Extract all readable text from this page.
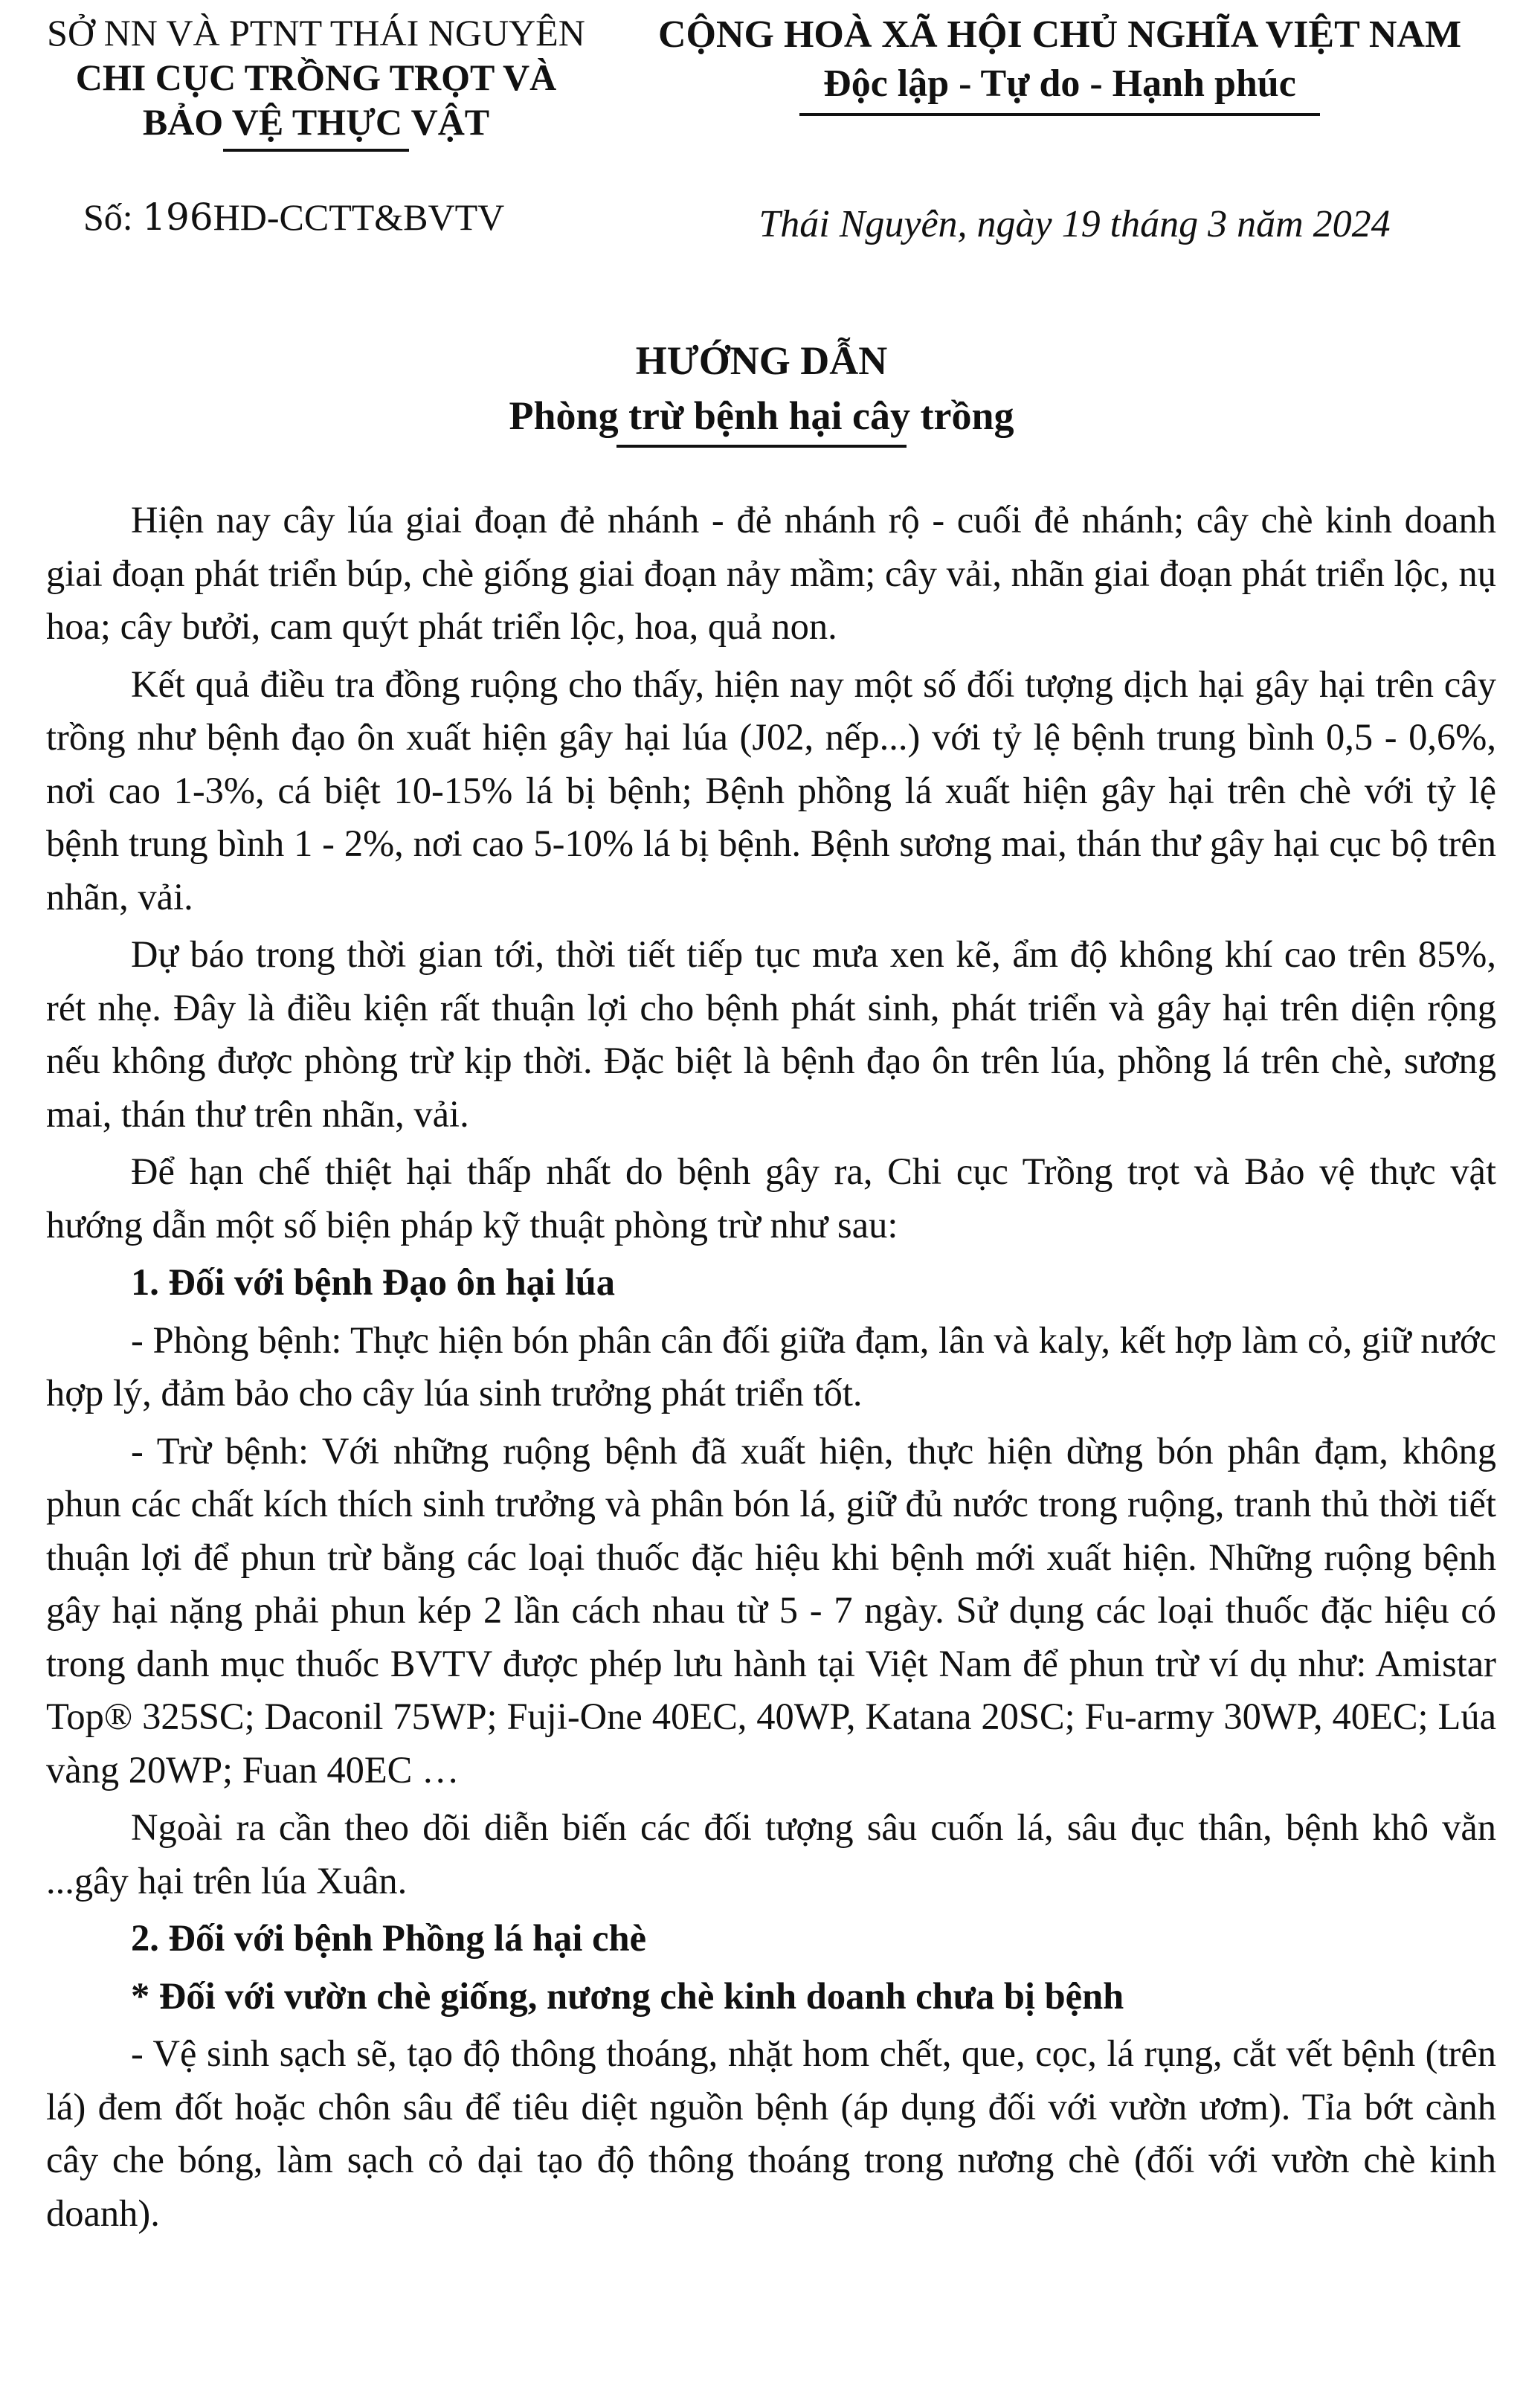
SỞ NN VÀ PTNT THÁI NGUYÊN
CHI CỤC TRỒNG TRỌT VÀ
BẢO VỆ THỰC VẬT
CỘNG HOÀ XÃ HỘI CHỦ NGHĨA VIỆT NAM
Độc lập - Tự do - Hạnh phúc
Số: 196HD-CCTT&BVTV	Thái Nguyên, ngày 19 tháng 3 năm 2024
HƯỚNG DẪN
Phòng trừ bệnh hại cây trồng

Hiện nay cây lúa giai đoạn đẻ nhánh - đẻ nhánh rộ - cuối đẻ nhánh; cây chè kinh doanh giai đoạn phát triển búp, chè giống giai đoạn nảy mầm; cây vải, nhãn giai đoạn phát triển lộc, nụ hoa; cây bưởi, cam quýt phát triển lộc, hoa, quả non.

Kết quả điều tra đồng ruộng cho thấy, hiện nay một số đối tượng dịch hại gây hại trên cây trồng như bệnh đạo ôn xuất hiện gây hại lúa (J02, nếp...) với tỷ lệ bệnh trung bình 0,5 - 0,6%, nơi cao 1-3%, cá biệt 10-15% lá bị bệnh; Bệnh phồng lá xuất hiện gây hại trên chè với tỷ lệ bệnh trung bình 1 - 2%, nơi cao 5-10% lá bị bệnh. Bệnh sương mai, thán thư gây hại cục bộ trên nhãn, vải.

Dự báo trong thời gian tới, thời tiết tiếp tục mưa xen kẽ, ẩm độ không khí cao trên 85%, rét nhẹ. Đây là điều kiện rất thuận lợi cho bệnh phát sinh, phát triển và gây hại trên diện rộng nếu không được phòng trừ kịp thời. Đặc biệt là bệnh đạo ôn trên lúa, phồng lá trên chè, sương mai, thán thư trên nhãn, vải.

Để hạn chế thiệt hại thấp nhất do bệnh gây ra, Chi cục Trồng trọt và Bảo vệ thực vật hướng dẫn một số biện pháp kỹ thuật phòng trừ như sau:

1. Đối với bệnh Đạo ôn hại lúa

- Phòng bệnh: Thực hiện bón phân cân đối giữa đạm, lân và kaly, kết hợp làm cỏ, giữ nước hợp lý, đảm bảo cho cây lúa sinh trưởng phát triển tốt.

- Trừ bệnh: Với những ruộng bệnh đã xuất hiện, thực hiện dừng bón phân đạm, không phun các chất kích thích sinh trưởng và phân bón lá, giữ đủ nước trong ruộng, tranh thủ thời tiết thuận lợi để phun trừ bằng các loại thuốc đặc hiệu khi bệnh mới xuất hiện. Những ruộng bệnh gây hại nặng phải phun kép 2 lần cách nhau từ 5 - 7 ngày. Sử dụng các loại thuốc đặc hiệu có trong danh mục thuốc BVTV được phép lưu hành tại Việt Nam để phun trừ ví dụ như: Amistar Top® 325SC; Daconil 75WP; Fuji-One 40EC, 40WP, Katana 20SC; Fu-army 30WP, 40EC; Lúa vàng 20WP; Fuan 40EC …

Ngoài ra cần theo dõi diễn biến các đối tượng sâu cuốn lá, sâu đục thân, bệnh khô vằn ...gây hại trên lúa Xuân.

2. Đối với bệnh Phồng lá hại chè

* Đối với vườn chè giống, nương chè kinh doanh chưa bị bệnh

- Vệ sinh sạch sẽ, tạo độ thông thoáng, nhặt hom chết, que, cọc, lá rụng, cắt vết bệnh (trên lá) đem đốt hoặc chôn sâu để tiêu diệt nguồn bệnh (áp dụng đối với vườn ươm). Tỉa bớt cành cây che bóng, làm sạch cỏ dại tạo độ thông thoáng trong nương chè (đối với vườn chè kinh doanh).
